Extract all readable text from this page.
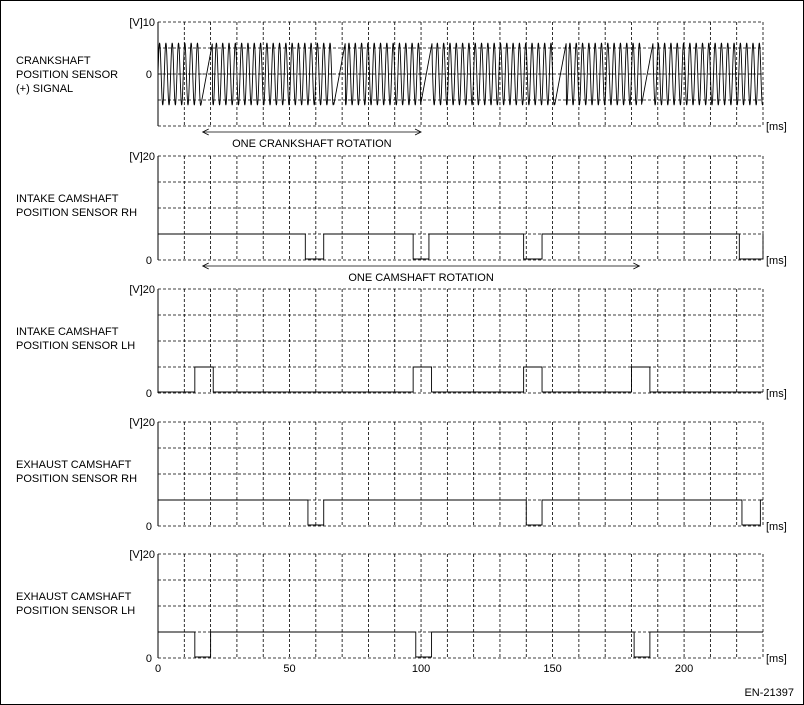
[V]10
0
[ms]
CRANKSHAFT
POSITION SENSOR
(+) SIGNAL
ONE CRANKSHAFT ROTATION
[V]20
0	[ms]
INTAKE CAMSHAFT
POSITION SENSOR RH
ONE CAMSHAFT ROTATION
[V]20
0	[ms]
INTAKE CAMSHAFT
POSITION SENSOR LH
[V]20
0	[ms]
EXHAUST CAMSHAFT
POSITION SENSOR RH
[V]20
0	[ms]
EXHAUST CAMSHAFT
POSITION SENSOR LH
0	50	100	150	200
EN-21397
